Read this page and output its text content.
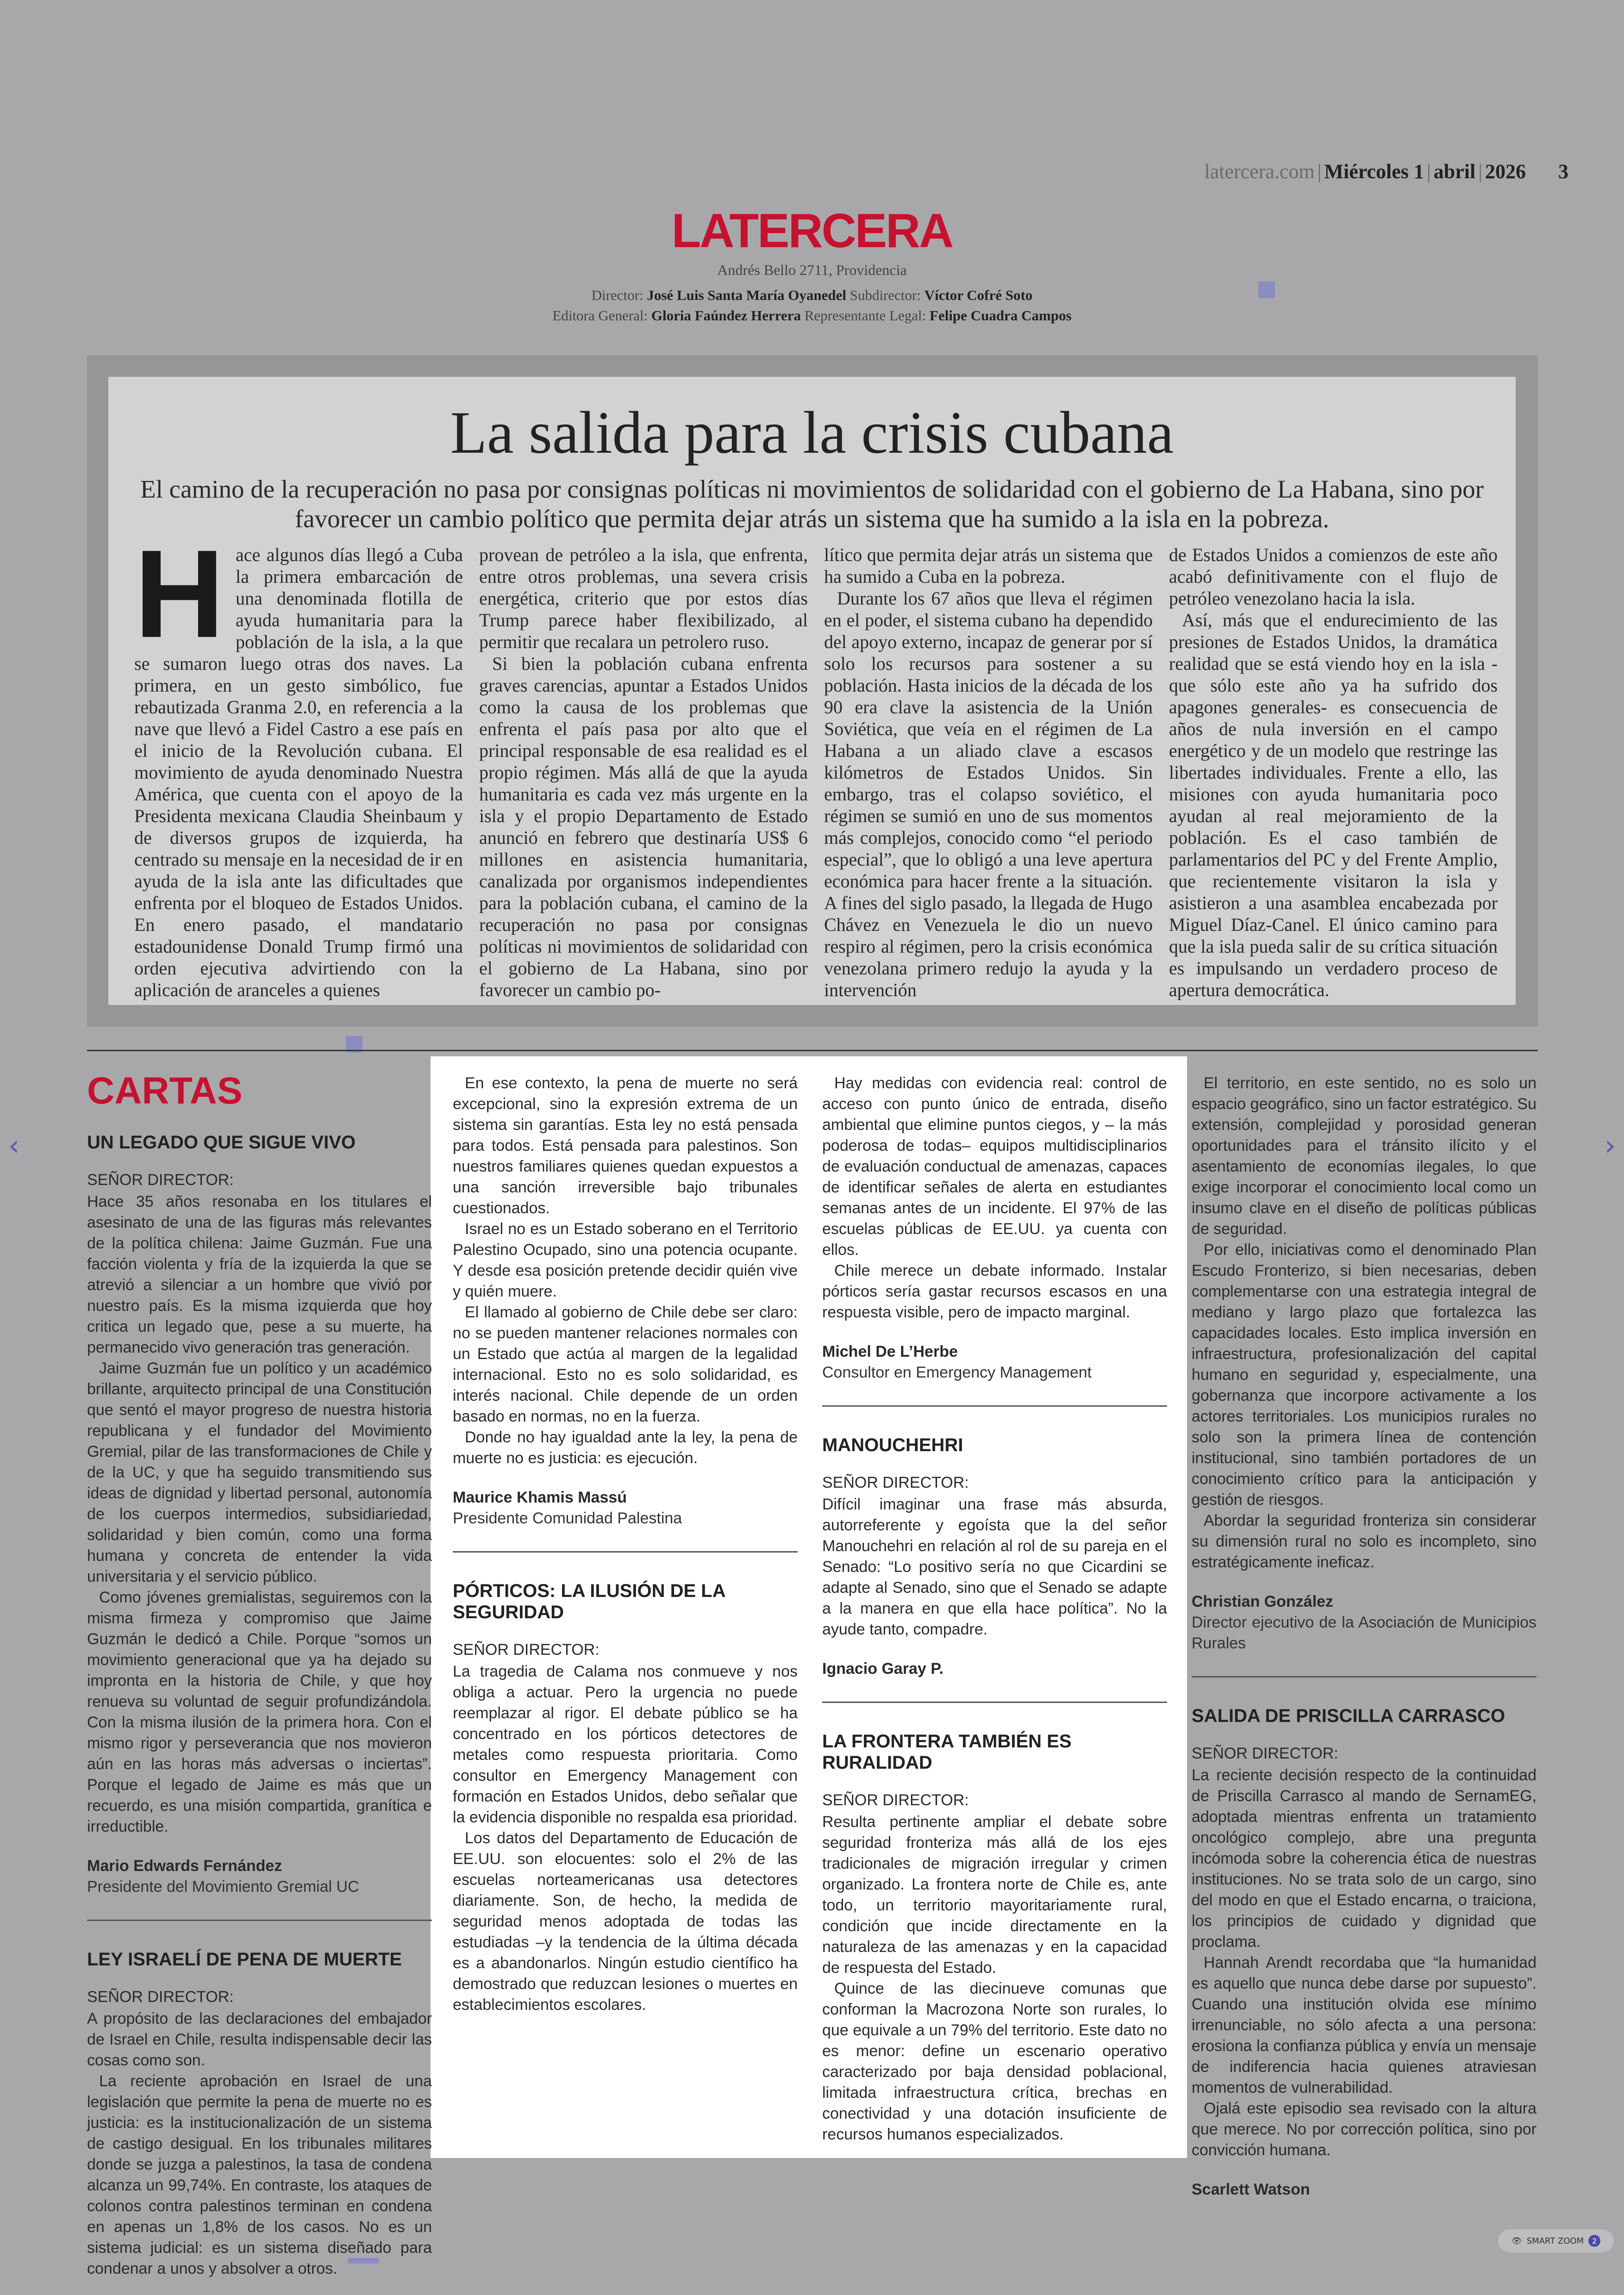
latercera.com | Miércoles 1 | abril | 2026 3
LATERCERA
Andrés Bello 2711, Providencia
Director: José Luis Santa María Oyanedel Subdirector: Víctor Cofré Soto
Editora General: Gloria Faúndez Herrera Representante Legal: Felipe Cuadra Campos
La salida para la crisis cubana
El camino de la recuperación no pasa por consignas políticas ni movimientos de solidaridad con el gobierno de La Habana, sino por favorecer un cambio político que permita dejar atrás un sistema que ha sumido a la isla en la pobreza.
H ace algunos días llegó a Cuba la primera embarcación de una denominada flotilla de ayuda humanitaria para la población de la isla, a la que se sumaron luego otras dos naves. La primera, en un gesto simbólico, fue rebautizada Granma 2.0, en referencia a la nave que llevó a Fidel Castro a ese país en el inicio de la Revolución cubana. El movimiento de ayuda denominado Nuestra América, que cuenta con el apoyo de la Presidenta mexicana Claudia Sheinbaum y de diversos grupos de izquierda, ha centrado su mensaje en la necesidad de ir en ayuda de la isla ante las dificultades que enfrenta por el bloqueo de Estados Unidos. En enero pasado, el mandatario estadounidense Donald Trump firmó una orden ejecutiva advirtiendo con la aplicación de aranceles a quienes

provean de petróleo a la isla, que enfrenta, entre otros problemas, una severa crisis energética, criterio que por estos días Trump parece haber flexibilizado, al permitir que recalara un petrolero ruso.

Si bien la población cubana enfrenta graves carencias, apuntar a Estados Unidos como la causa de los problemas que enfrenta el país pasa por alto que el principal responsable de esa realidad es el propio régimen. Más allá de que la ayuda humanitaria es cada vez más urgente en la isla y el propio Departamento de Estado anunció en febrero que destinaría US$ 6 millones en asistencia humanitaria, canalizada por organismos independientes para la población cubana, el camino de la recuperación no pasa por consignas políticas ni movimientos de solidaridad con el gobierno de La Habana, sino por favorecer un cambio po-

lítico que permita dejar atrás un sistema que ha sumido a Cuba en la pobreza.

Durante los 67 años que lleva el régimen en el poder, el sistema cubano ha dependido del apoyo externo, incapaz de generar por sí solo los recursos para sostener a su población. Hasta inicios de la década de los 90 era clave la asistencia de la Unión Soviética, que veía en el régimen de La Habana a un aliado clave a escasos kilómetros de Estados Unidos. Sin embargo, tras el colapso soviético, el régimen se sumió en uno de sus momentos más complejos, conocido como “el periodo especial”, que lo obligó a una leve apertura económica para hacer frente a la situación. A fines del siglo pasado, la llegada de Hugo Chávez en Venezuela le dio un nuevo respiro al régimen, pero la crisis económica venezolana primero redujo la ayuda y la intervención

de Estados Unidos a comienzos de este año acabó definitivamente con el flujo de petróleo venezolano hacia la isla.

Así, más que el endurecimiento de las presiones de Estados Unidos, la dramática realidad que se está viendo hoy en la isla -que sólo este año ya ha sufrido dos apagones generales- es consecuencia de años de nula inversión en el campo energético y de un modelo que restringe las libertades individuales. Frente a ello, las misiones con ayuda humanitaria poco ayudan al real mejoramiento de la población. Es el caso también de parlamentarios del PC y del Frente Amplio, que recientemente visitaron la isla y asistieron a una asamblea encabezada por Miguel Díaz-Canel. El único camino para que la isla pueda salir de su crítica situación es impulsando un verdadero proceso de apertura democrática.

CARTAS
UN LEGADO QUE SIGUE VIVO

SEÑOR DIRECTOR:

Hace 35 años resonaba en los titulares el asesinato de una de las figuras más relevantes de la política chilena: Jaime Guzmán. Fue una facción violenta y fría de la izquierda la que se atrevió a silenciar a un hombre que vivió por nuestro país. Es la misma izquierda que hoy critica un legado que, pese a su muerte, ha permanecido vivo generación tras generación.

Jaime Guzmán fue un político y un académico brillante, arquitecto principal de una Constitución que sentó el mayor progreso de nuestra historia republicana y el fundador del Movimiento Gremial, pilar de las transformaciones de Chile y de la UC, y que ha seguido transmitiendo sus ideas de dignidad y libertad personal, autonomía de los cuerpos intermedios, subsidiariedad, solidaridad y bien común, como una forma humana y concreta de entender la vida universitaria y el servicio público.

Como jóvenes gremialistas, seguiremos con la misma firmeza y compromiso que Jaime Guzmán le dedicó a Chile. Porque “somos un movimiento generacional que ya ha dejado su impronta en la historia de Chile, y que hoy renueva su voluntad de seguir profundizándola. Con la misma ilusión de la primera hora. Con el mismo rigor y perseverancia que nos movieron aún en las horas más adversas o inciertas”. Porque el legado de Jaime es más que un recuerdo, es una misión compartida, granítica e irreductible.

Mario Edwards Fernández

Presidente del Movimiento Gremial UC

LEY ISRAELÍ DE PENA DE MUERTE

SEÑOR DIRECTOR:

A propósito de las declaraciones del embajador de Israel en Chile, resulta indispensable decir las cosas como son.

La reciente aprobación en Israel de una legislación que permite la pena de muerte no es justicia: es la institucionalización de un sistema de castigo desigual. En los tribunales militares donde se juzga a palestinos, la tasa de condena alcanza un 99,74%. En contraste, los ataques de colonos contra palestinos terminan en condena en apenas un 1,8% de los casos. No es un sistema judicial: es un sistema diseñado para condenar a unos y absolver a otros.

En ese contexto, la pena de muerte no será excepcional, sino la expresión extrema de un sistema sin garantías. Esta ley no está pensada para todos. Está pensada para palestinos. Son nuestros familiares quienes quedan expuestos a una sanción irreversible bajo tribunales cuestionados.

Israel no es un Estado soberano en el Territorio Palestino Ocupado, sino una potencia ocupante. Y desde esa posición pretende decidir quién vive y quién muere.

El llamado al gobierno de Chile debe ser claro: no se pueden mantener relaciones normales con un Estado que actúa al margen de la legalidad internacional. Esto no es solo solidaridad, es interés nacional. Chile depende de un orden basado en normas, no en la fuerza.

Donde no hay igualdad ante la ley, la pena de muerte no es justicia: es ejecución.

Maurice Khamis Massú

Presidente Comunidad Palestina

PÓRTICOS: LA ILUSIÓN DE LA SEGURIDAD

SEÑOR DIRECTOR:

La tragedia de Calama nos conmueve y nos obliga a actuar. Pero la urgencia no puede reemplazar al rigor. El debate público se ha concentrado en los pórticos detectores de metales como respuesta prioritaria. Como consultor en Emergency Management con formación en Estados Unidos, debo señalar que la evidencia disponible no respalda esa prioridad.

Los datos del Departamento de Educación de EE.UU. son elocuentes: solo el 2% de las escuelas norteamericanas usa detectores diariamente. Son, de hecho, la medida de seguridad menos adoptada de todas las estudiadas –y la tendencia de la última década es a abandonarlos. Ningún estudio científico ha demostrado que reduzcan lesiones o muertes en establecimientos escolares.

Hay medidas con evidencia real: control de acceso con punto único de entrada, diseño ambiental que elimine puntos ciegos, y – la más poderosa de todas– equipos multidisciplinarios de evaluación conductual de amenazas, capaces de identificar señales de alerta en estudiantes semanas antes de un incidente. El 97% de las escuelas públicas de EE.UU. ya cuenta con ellos.

Chile merece un debate informado. Instalar pórticos sería gastar recursos escasos en una respuesta visible, pero de impacto marginal.

Michel De L’Herbe

Consultor en Emergency Management

MANOUCHEHRI

SEÑOR DIRECTOR:

Difícil imaginar una frase más absurda, autorreferente y egoísta que la del señor Manouchehri en relación al rol de su pareja en el Senado: “Lo positivo sería no que Cicardini se adapte al Senado, sino que el Senado se adapte a la manera en que ella hace política”. No la ayude tanto, compadre.

Ignacio Garay P.

LA FRONTERA TAMBIÉN ES RURALIDAD

SEÑOR DIRECTOR:

Resulta pertinente ampliar el debate sobre seguridad fronteriza más allá de los ejes tradicionales de migración irregular y crimen organizado. La frontera norte de Chile es, ante todo, un territorio mayoritariamente rural, condición que incide directamente en la naturaleza de las amenazas y en la capacidad de respuesta del Estado.

Quince de las diecinueve comunas que conforman la Macrozona Norte son rurales, lo que equivale a un 79% del territorio. Este dato no es menor: define un escenario operativo caracterizado por baja densidad poblacional, limitada infraestructura crítica, brechas en conectividad y una dotación insuficiente de recursos humanos especializados.

El territorio, en este sentido, no es solo un espacio geográfico, sino un factor estratégico. Su extensión, complejidad y porosidad generan oportunidades para el tránsito ilícito y el asentamiento de economías ilegales, lo que exige incorporar el conocimiento local como un insumo clave en el diseño de políticas públicas de seguridad.

Por ello, iniciativas como el denominado Plan Escudo Fronterizo, si bien necesarias, deben complementarse con una estrategia integral de mediano y largo plazo que fortalezca las capacidades locales. Esto implica inversión en infraestructura, profesionalización del capital humano en seguridad y, especialmente, una gobernanza que incorpore activamente a los actores territoriales. Los municipios rurales no solo son la primera línea de contención institucional, sino también portadores de un conocimiento crítico para la anticipación y gestión de riesgos.

Abordar la seguridad fronteriza sin considerar su dimensión rural no solo es incompleto, sino estratégicamente ineficaz.

Christian González

Director ejecutivo de la Asociación de Municipios Rurales

SALIDA DE PRISCILLA CARRASCO

SEÑOR DIRECTOR:

La reciente decisión respecto de la continuidad de Priscilla Carrasco al mando de SernamEG, adoptada mientras enfrenta un tratamiento oncológico complejo, abre una pregunta incómoda sobre la coherencia ética de nuestras instituciones. No se trata solo de un cargo, sino del modo en que el Estado encarna, o traiciona, los principios de cuidado y dignidad que proclama.

Hannah Arendt recordaba que “la humanidad es aquello que nunca debe darse por supuesto”. Cuando una institución olvida ese mínimo irrenunciable, no sólo afecta a una persona: erosiona la confianza pública y envía un mensaje de indiferencia hacia quienes atraviesan momentos de vulnerabilidad.

Ojalá este episodio sea revisado con la altura que merece. No por corrección política, sino por convicción humana.

Scarlett Watson

‹	›
👁 SMART ZOOM	2
